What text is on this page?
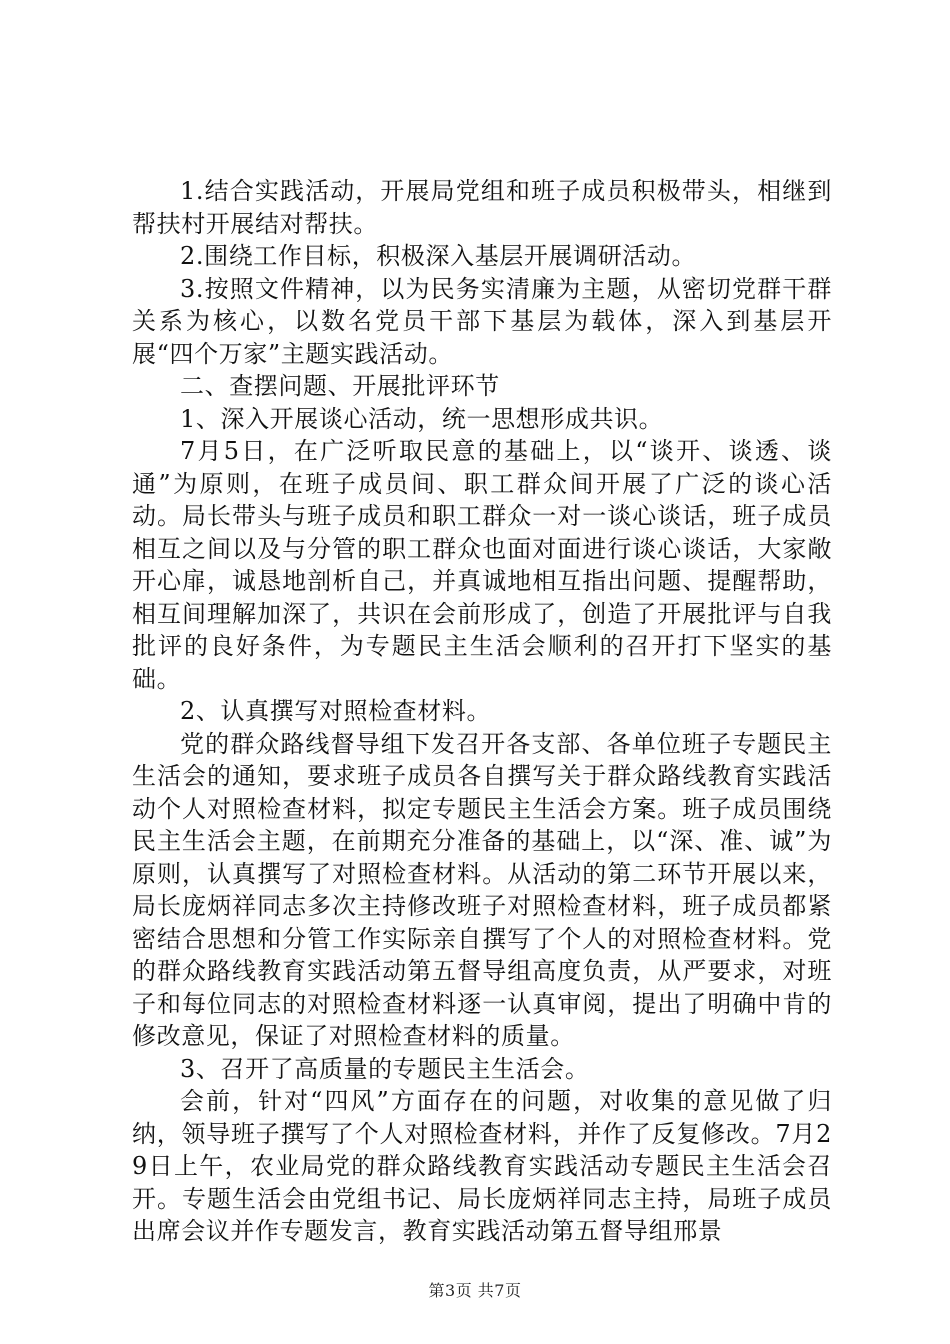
1.结合实践活动，开展局党组和班子成员积极带头，相继到帮扶村开展结对帮扶。

2.围绕工作目标，积极深入基层开展调研活动。

3.按照文件精神，以为民务实清廉为主题，从密切党群干群关系为核心，以数名党员干部下基层为载体，深入到基层开展“四个万家”主题实践活动。

二、查摆问题、开展批评环节

1、深入开展谈心活动，统一思想形成共识。

7月5日，在广泛听取民意的基础上，以“谈开、谈透、谈通”为原则，在班子成员间、职工群众间开展了广泛的谈心活动。局长带头与班子成员和职工群众一对一谈心谈话，班子成员相互之间以及与分管的职工群众也面对面进行谈心谈话，大家敞开心扉，诚恳地剖析自己，并真诚地相互指出问题、提醒帮助，相互间理解加深了，共识在会前形成了，创造了开展批评与自我批评的良好条件，为专题民主生活会顺利的召开打下坚实的基础。

2、认真撰写对照检查材料。

党的群众路线督导组下发召开各支部、各单位班子专题民主生活会的通知，要求班子成员各自撰写关于群众路线教育实践活动个人对照检查材料，拟定专题民主生活会方案。班子成员围绕民主生活会主题，在前期充分准备的基础上，以“深、准、诚”为原则，认真撰写了对照检查材料。从活动的第二环节开展以来，局长庞炳祥同志多次主持修改班子对照检查材料，班子成员都紧密结合思想和分管工作实际亲自撰写了个人的对照检查材料。党的群众路线教育实践活动第五督导组高度负责，从严要求，对班子和每位同志的对照检查材料逐一认真审阅，提出了明确中肯的修改意见，保证了对照检查材料的质量。

3、召开了高质量的专题民主生活会。

会前，针对“四风”方面存在的问题，对收集的意见做了归纳，领导班子撰写了个人对照检查材料，并作了反复修改。7月29日上午，农业局党的群众路线教育实践活动专题民主生活会召开。专题生活会由党组书记、局长庞炳祥同志主持，局班子成员出席会议并作专题发言，教育实践活动第五督导组邢景

第3页 共7页
